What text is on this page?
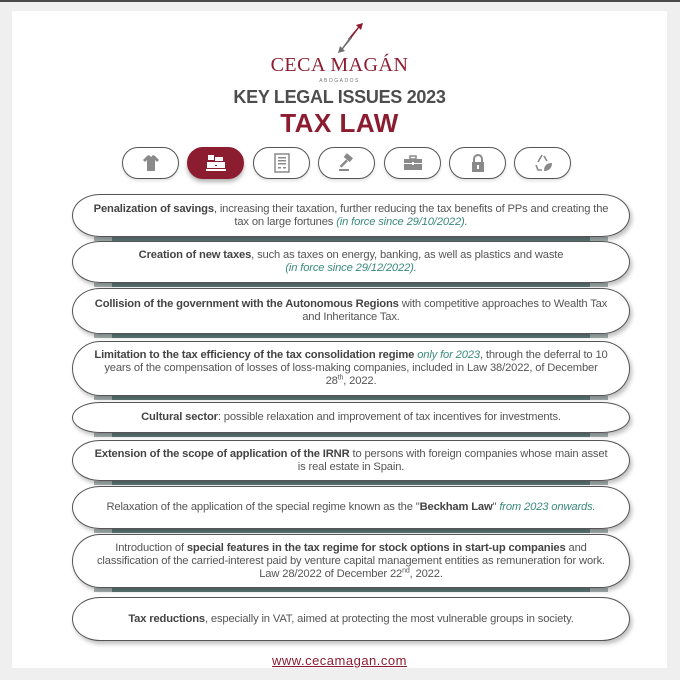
CECA MAGÁN
ABOGADOS
KEY LEGAL ISSUES 2023
TAX LAW
Penalization of savings, increasing their taxation, further reducing the tax benefits of PPs and creating the tax on large fortunes (in force since 29/10/2022).
Creation of new taxes, such as taxes on energy, banking, as well as plastics and waste
(in force since 29/12/2022).
Collision of the government with the Autonomous Regions with competitive approaches to Wealth Tax and Inheritance Tax.
Limitation to the tax efficiency of the tax consolidation regime only for 2023, through the deferral to 10 years of the compensation of losses of loss-making companies, included in Law 38/2022, of December 28th, 2022.
Cultural sector: possible relaxation and improvement of tax incentives for investments.
Extension of the scope of application of the IRNR to persons with foreign companies whose main asset is real estate in Spain.
Relaxation of the application of the special regime known as the "Beckham Law" from 2023 onwards.
Introduction of special features in the tax regime for stock options in start-up companies and classification of the carried-interest paid by venture capital management entities as remuneration for work. Law 28/2022 of December 22nd, 2022.
Tax reductions, especially in VAT, aimed at protecting the most vulnerable groups in society.
www.cecamagan.com
